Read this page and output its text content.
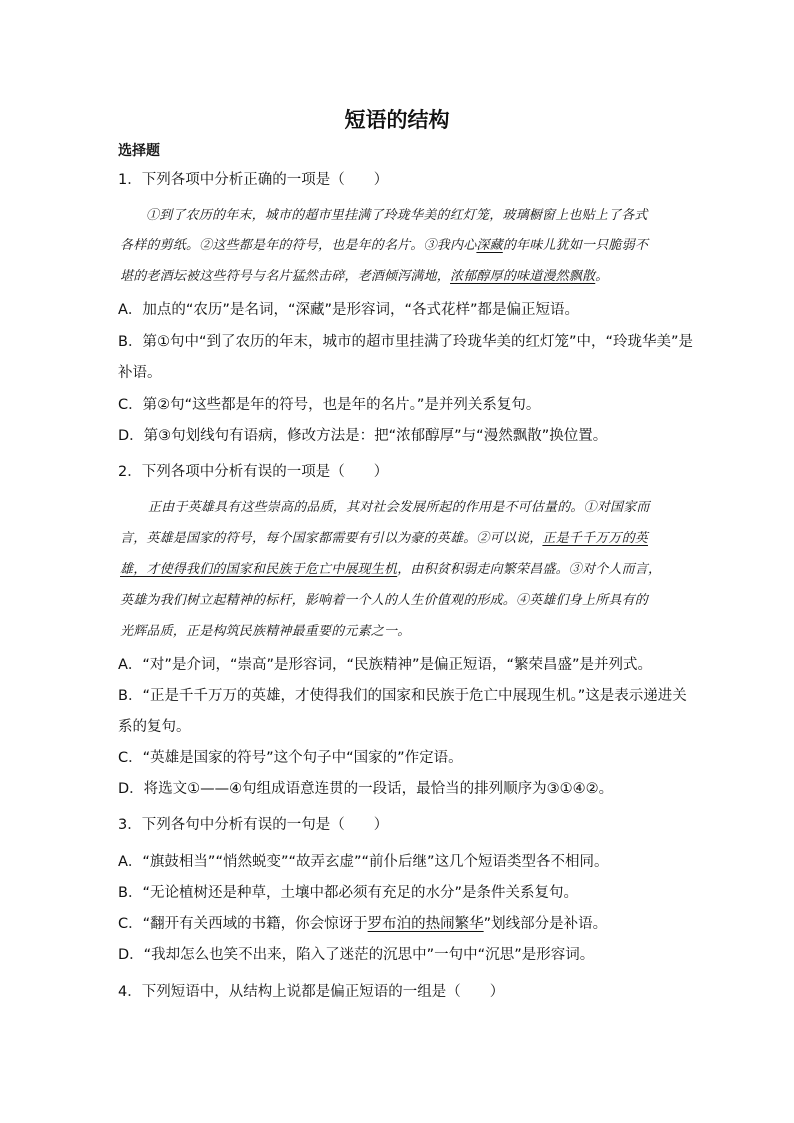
短语的结构
选择题
1．下列各项中分析正确的一项是（　　）
①到了农历的年末，城市的超市里挂满了玲珑华美的红灯笼，玻璃橱窗上也贴上了各式
各样的剪纸。②这些都是年的符号，也是年的名片。③我内心深藏的年味儿犹如一只脆弱不
堪的老酒坛被这些符号与名片猛然击碎，老酒倾泻满地，浓郁醇厚的味道漫然飘散。
A．加点的“农历”是名词，“深藏”是形容词，“各式花样”都是偏正短语。
B．第①句中“到了农历的年末，城市的超市里挂满了玲珑华美的红灯笼”中，“玲珑华美”是
补语。
C．第②句“这些都是年的符号，也是年的名片。”是并列关系复句。
D．第③句划线句有语病，修改方法是：把“浓郁醇厚”与“漫然飘散”换位置。
2．下列各项中分析有误的一项是（　　）
正由于英雄具有这些崇高的品质，其对社会发展所起的作用是不可估量的。①对国家而
言，英雄是国家的符号，每个国家都需要有引以为豪的英雄。②可以说，正是千千万万的英
雄，才使得我们的国家和民族于危亡中展现生机，由积贫积弱走向繁荣昌盛。③对个人而言，
英雄为我们树立起精神的标杆，影响着一个人的人生价值观的形成。④英雄们身上所具有的
光辉品质，正是构筑民族精神最重要的元素之一。
A．“对”是介词，“崇高”是形容词，“民族精神”是偏正短语，“繁荣昌盛”是并列式。
B．“正是千千万万的英雄，才使得我们的国家和民族于危亡中展现生机。”这是表示递进关
系的复句。
C．“英雄是国家的符号”这个句子中“国家的”作定语。
D．将选文①——④句组成语意连贯的一段话，最恰当的排列顺序为③①④②。
3．下列各句中分析有误的一句是（　　）
A．“旗鼓相当”“悄然蜕变”“故弄玄虚”“前仆后继”这几个短语类型各不相同。
B．“无论植树还是种草，土壤中都必须有充足的水分”是条件关系复句。
C．“翻开有关西域的书籍，你会惊讶于罗布泊的热闹繁华”划线部分是补语。
D．“我却怎么也笑不出来，陷入了迷茫的沉思中”一句中“沉思”是形容词。
4．下列短语中，从结构上说都是偏正短语的一组是（　　）
